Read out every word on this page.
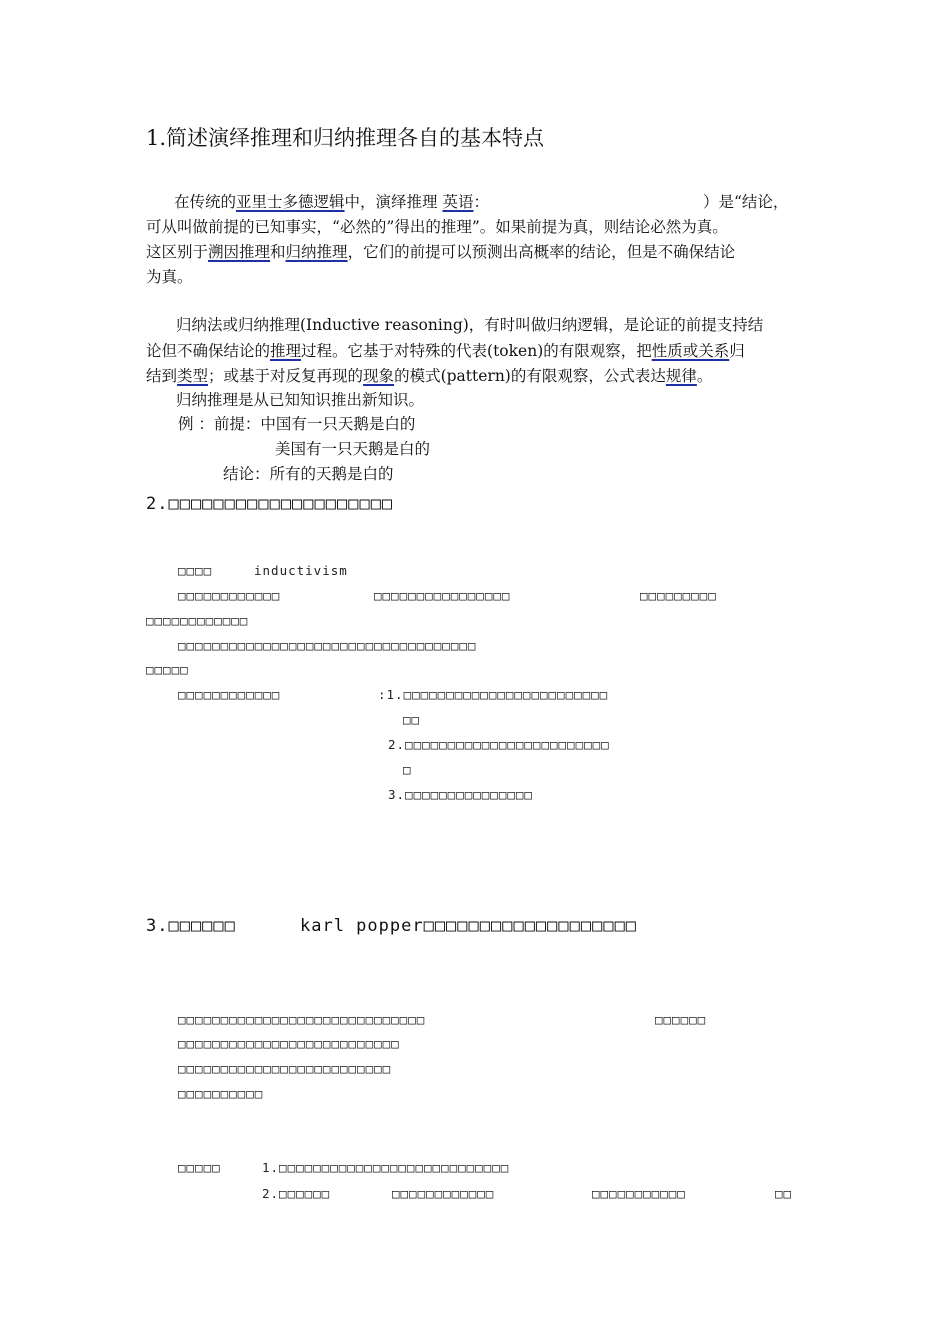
1.简述演绎推理和归纳推理各自的基本特点
在传统的亚里士多德逻辑中，演绎推理 英语：	）是“结论，
可从叫做前提的已知事实，“必然的”得出的推理”。如果前提为真，则结论必然为真。
这区别于溯因推理和归纳推理，它们的前提可以预测出高概率的结论，但是不确保结论
为真。
归纳法或归纳推理(Inductive reasoning)，有时叫做归纳逻辑，是论证的前提支持结
论但不确保结论的推理过程。它基于对特殊的代表(token)的有限观察，把性质或关系归
结到类型；或基于对反复再现的现象的模式(pattern)的有限观察，公式表达规律。
归纳推理是从已知知识推出新知识。
例 ：前提：中国有一只天鹅是白的
美国有一只天鹅是白的
结论：所有的天鹅是白的
2.□□□□□□□□□□□□□□□□□□□□
□□□□	inductivism
□□□□□□□□□□□□	□□□□□□□□□□□□□□□□	□□□□□□□□□
□□□□□□□□□□□□
□□□□□□□□□□□□□□□□□□□□□□□□□□□□□□□□□□□
□□□□□
□□□□□□□□□□□□	:1.□□□□□□□□□□□□□□□□□□□□□□□□
□□
2.□□□□□□□□□□□□□□□□□□□□□□□□
□
3.□□□□□□□□□□□□□□□
3.□□□□□□	karl popper□□□□□□□□□□□□□□□□□□□
□□□□□□□□□□□□□□□□□□□□□□□□□□□□□	□□□□□□
□□□□□□□□□□□□□□□□□□□□□□□□□□
□□□□□□□□□□□□□□□□□□□□□□□□□
□□□□□□□□□□
□□□□□	1.□□□□□□□□□□□□□□□□□□□□□□□□□□□
2.□□□□□□	□□□□□□□□□□□□	□□□□□□□□□□□	□□
